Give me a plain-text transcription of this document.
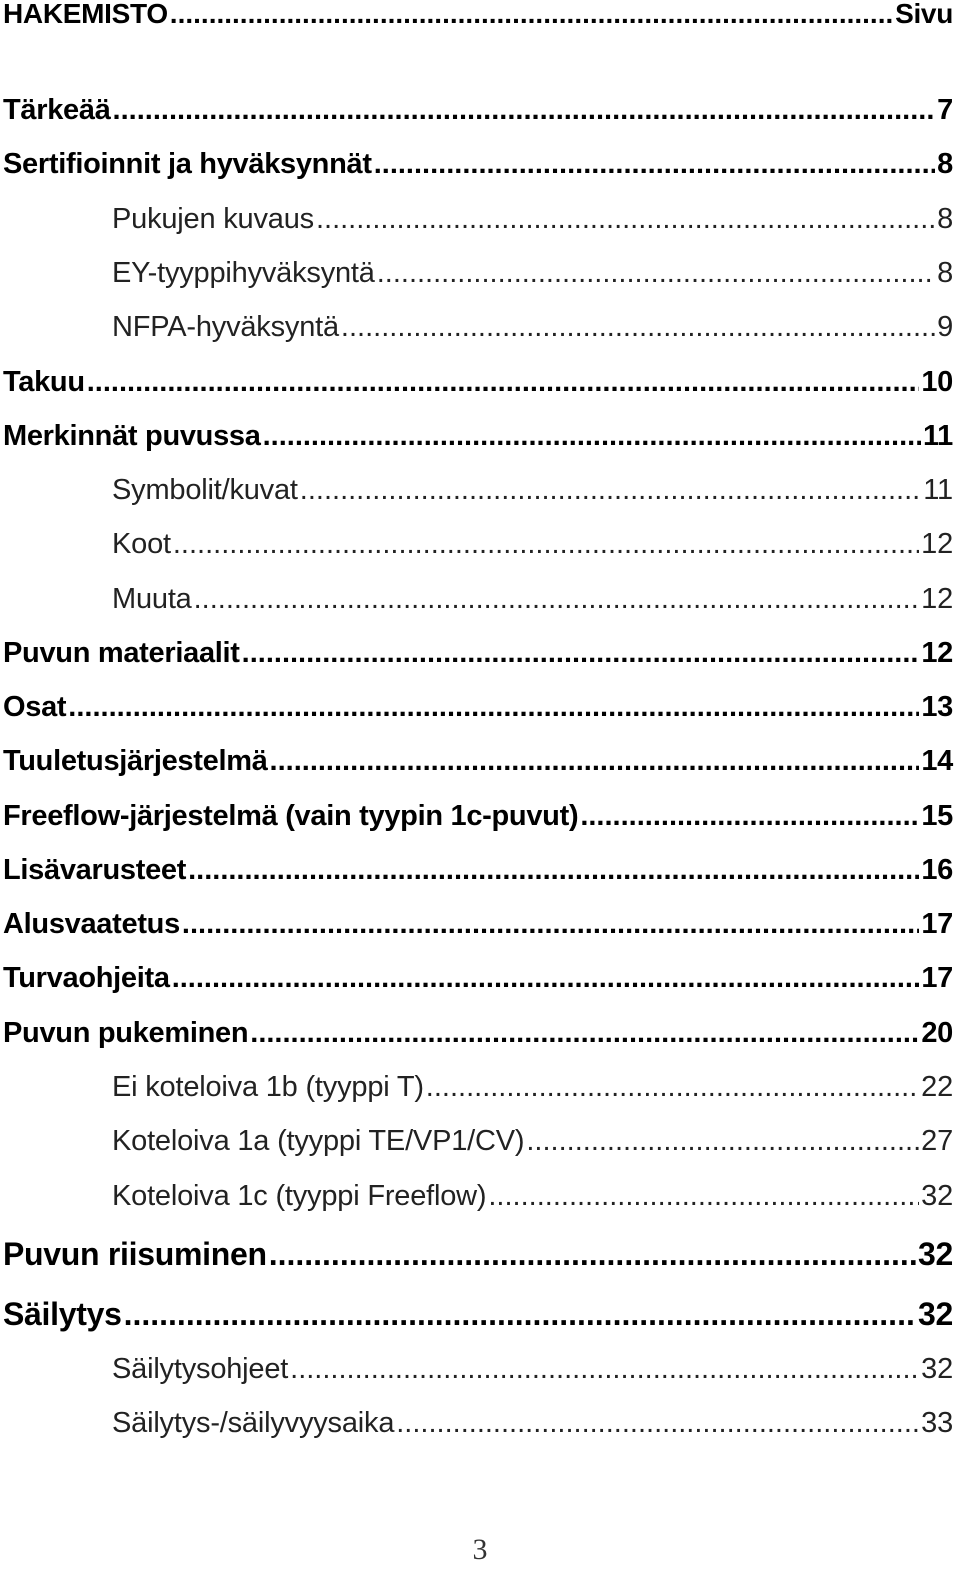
HAKEMISTO .....	Sivu
Tärkeää .....	7
Sertifioinnit ja hyväksynnät .....	8
Pukujen kuvaus .....	8
EY-tyyppihyväksyntä .....	8
NFPA-hyväksyntä .....	9
Takuu .....	10
Merkinnät puvussa .....	11
Symbolit/kuvat .....	11
Koot .....	12
Muuta .....	12
Puvun materiaalit .....	12
Osat .....	13
Tuuletusjärjestelmä .....	14
Freeflow-järjestelmä (vain tyypin 1c-puvut) .....	15
Lisävarusteet .....	16
Alusvaatetus .....	17
Turvaohjeita .....	17
Puvun pukeminen .....	20
Ei koteloiva 1b (tyyppi T) .....	22
Koteloiva 1a (tyyppi TE/VP1/CV) .....	27
Koteloiva 1c (tyyppi Freeflow) .....	32
Puvun riisuminen .....	32
Säilytys .....	32
Säilytysohjeet .....	32
Säilytys-/säilyvyysaika .....	33
3
